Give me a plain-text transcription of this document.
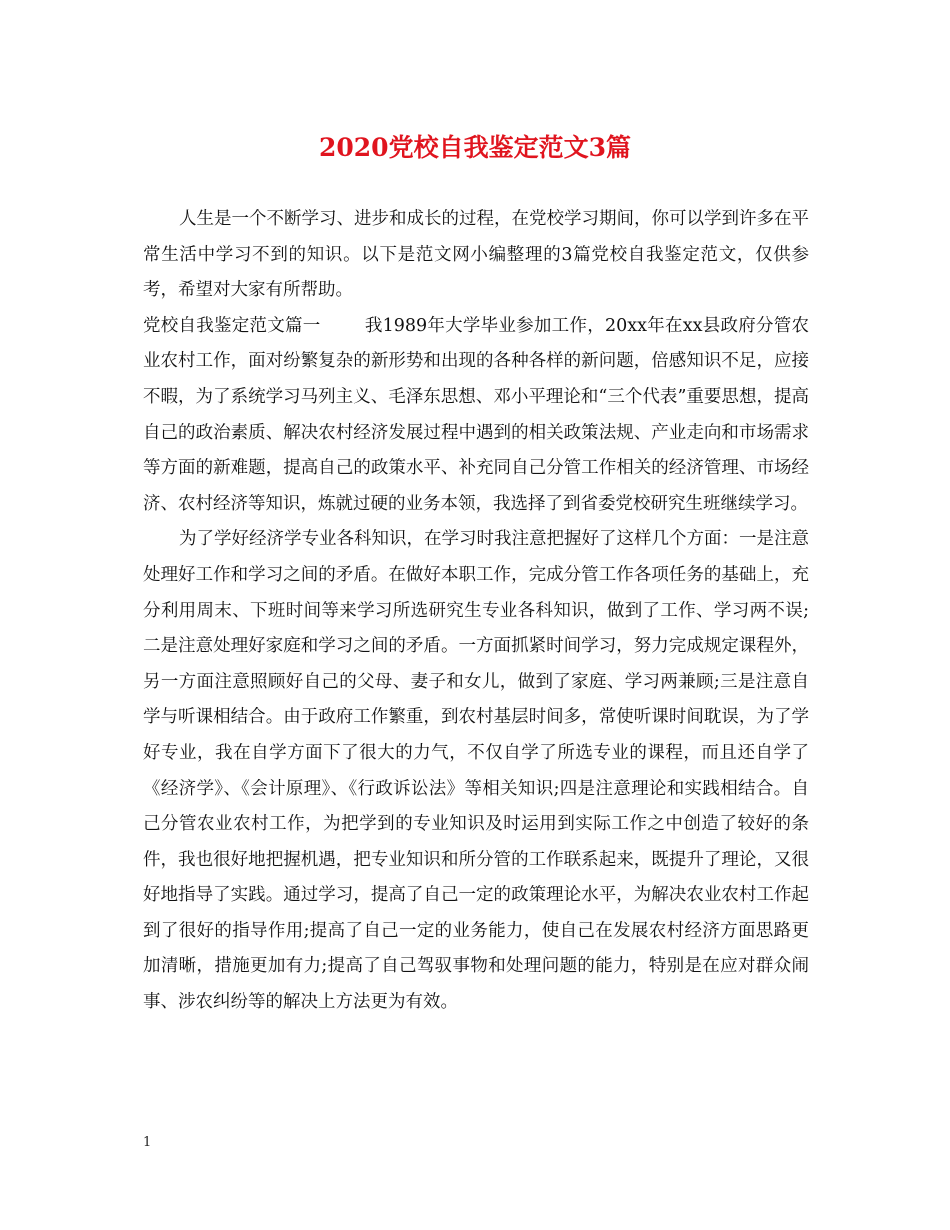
2020党校自我鉴定范文3篇

人生是一个不断学习、进步和成长的过程，在党校学习期间，你可以学到许多在平常生活中学习不到的知识。以下是范文网小编整理的3篇党校自我鉴定范文，仅供参考，希望对大家有所帮助。

党校自我鉴定范文篇一	我1989年大学毕业参加工作，20xx年在xx县政府分管农业农村工作，面对纷繁复杂的新形势和出现的各种各样的新问题，倍感知识不足，应接不暇，为了系统学习马列主义、毛泽东思想、邓小平理论和“三个代表”重要思想，提高自己的政治素质、解决农村经济发展过程中遇到的相关政策法规、产业走向和市场需求等方面的新难题，提高自己的政策水平、补充同自己分管工作相关的经济管理、市场经济、农村经济等知识，炼就过硬的业务本领，我选择了到省委党校研究生班继续学习。

为了学好经济学专业各科知识，在学习时我注意把握好了这样几个方面：一是注意处理好工作和学习之间的矛盾。在做好本职工作，完成分管工作各项任务的基础上，充分利用周末、下班时间等来学习所选研究生专业各科知识，做到了工作、学习两不误;二是注意处理好家庭和学习之间的矛盾。一方面抓紧时间学习，努力完成规定课程外，另一方面注意照顾好自己的父母、妻子和女儿，做到了家庭、学习两兼顾;三是注意自学与听课相结合。由于政府工作繁重，到农村基层时间多，常使听课时间耽误，为了学好专业，我在自学方面下了很大的力气，不仅自学了所选专业的课程，而且还自学了《经济学》、《会计原理》、《行政诉讼法》等相关知识;四是注意理论和实践相结合。自己分管农业农村工作，为把学到的专业知识及时运用到实际工作之中创造了较好的条件，我也很好地把握机遇，把专业知识和所分管的工作联系起来，既提升了理论，又很好地指导了实践。通过学习，提高了自己一定的政策理论水平，为解决农业农村工作起到了很好的指导作用;提高了自己一定的业务能力，使自己在发展农村经济方面思路更加清晰，措施更加有力;提高了自己驾驭事物和处理问题的能力，特别是在应对群众闹事、涉农纠纷等的解决上方法更为有效。

1
